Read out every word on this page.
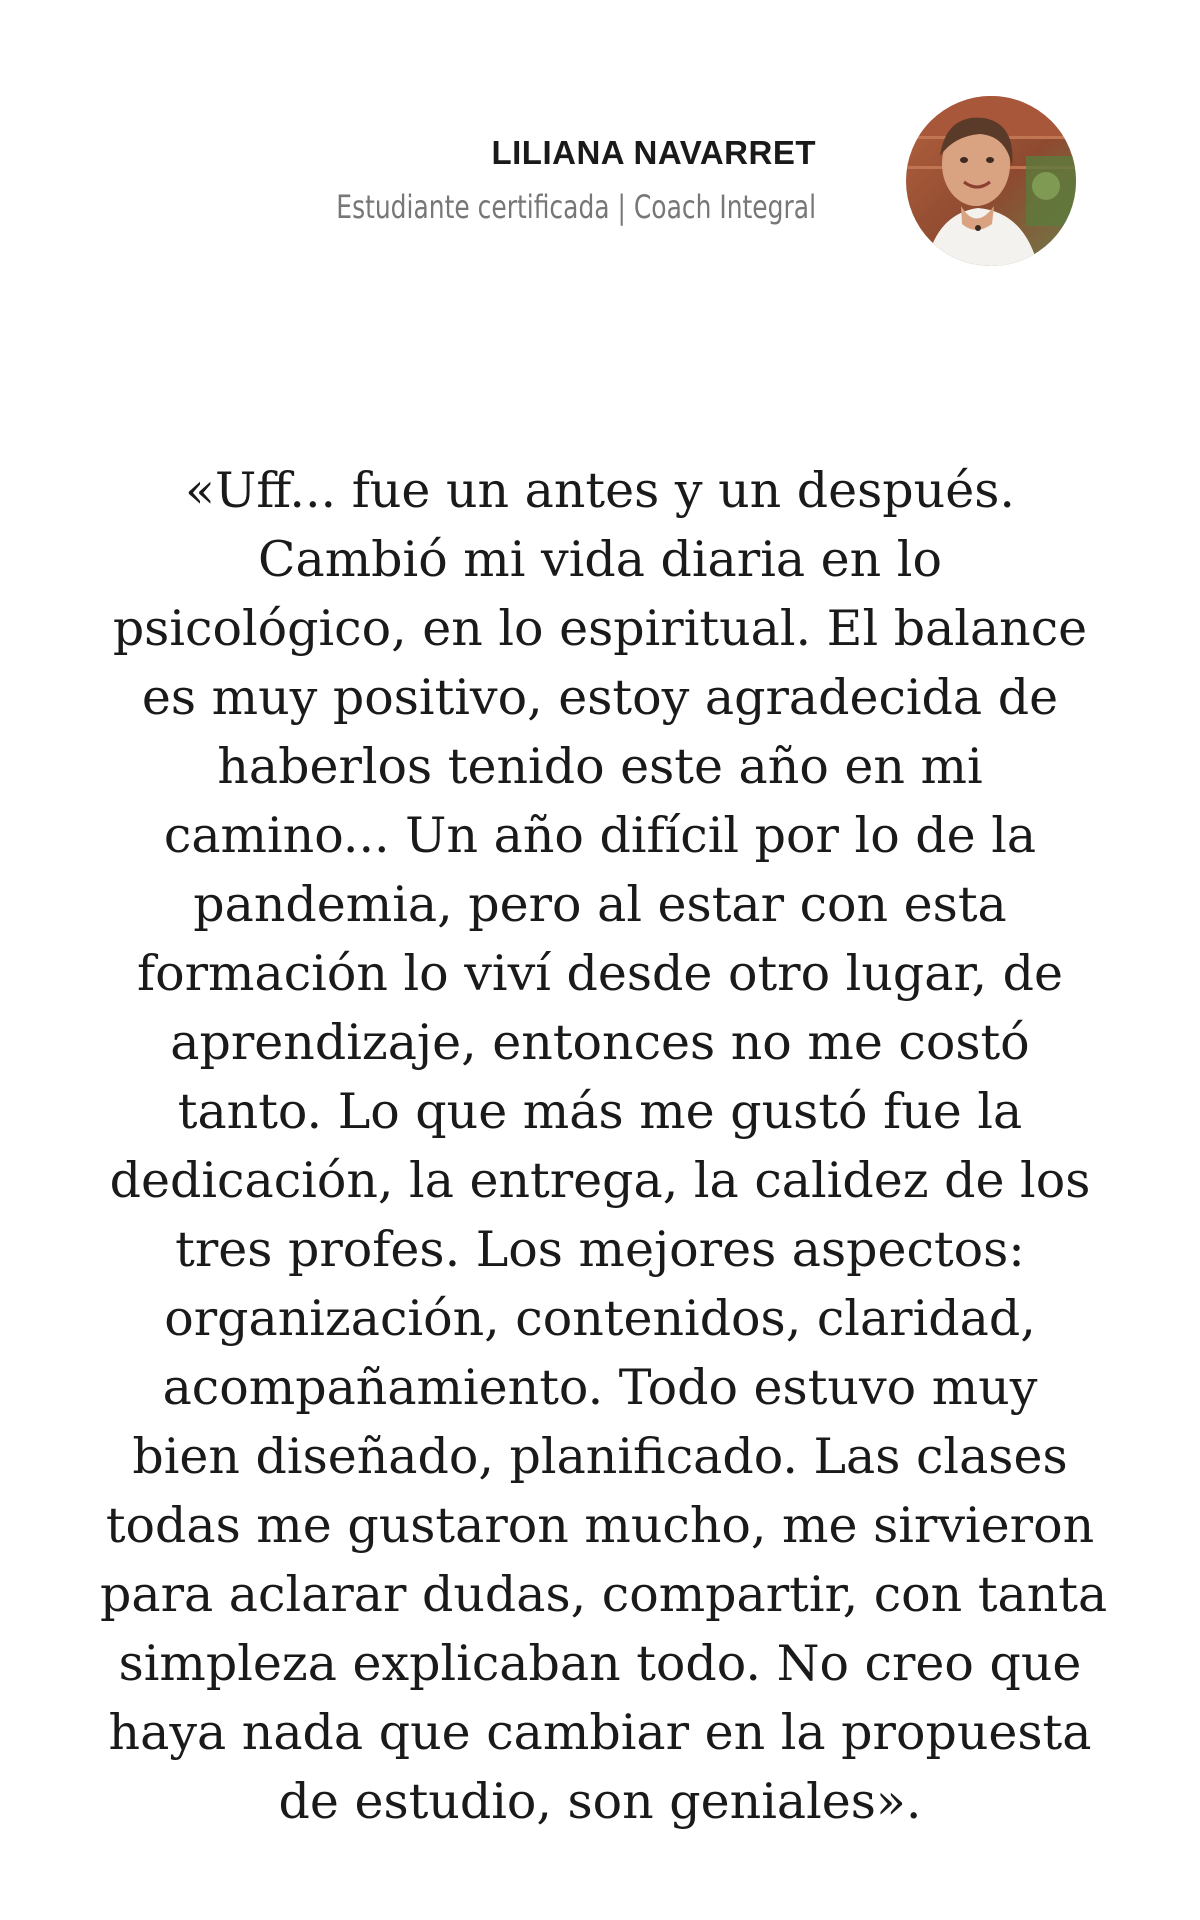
LILIANA NAVARRET
Estudiante certificada | Coach Integral

«Uff... fue un antes y un después.
Cambió mi vida diaria en lo
psicológico, en lo espiritual. El balance
es muy positivo, estoy agradecida de
haberlos tenido este año en mi
camino... Un año difícil por lo de la
pandemia, pero al estar con esta
formación lo viví desde otro lugar, de
aprendizaje, entonces no me costó
tanto. Lo que más me gustó fue la
dedicación, la entrega, la calidez de los
tres profes. Los mejores aspectos:
organización, contenidos, claridad,
acompañamiento. Todo estuvo muy
bien diseñado, planificado. Las clases
todas me gustaron mucho, me sirvieron
para aclarar dudas, compartir, con tanta
simpleza explicaban todo. No creo que
haya nada que cambiar en la propuesta
de estudio, son geniales».
